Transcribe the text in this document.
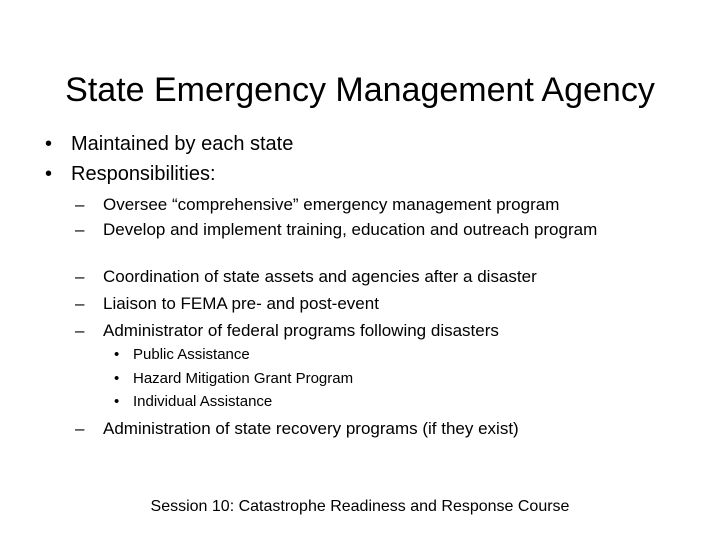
State Emergency Management Agency
• Maintained by each state
• Responsibilities:
– Oversee “comprehensive” emergency management program
– Develop and implement training, education and outreach program
– Coordination of state assets and agencies after a disaster
– Liaison to FEMA pre- and post-event
– Administrator of federal programs following disasters
• Public Assistance
• Hazard Mitigation Grant Program
• Individual Assistance
– Administration of state recovery programs (if they exist)
Session 10: Catastrophe Readiness and Response Course
